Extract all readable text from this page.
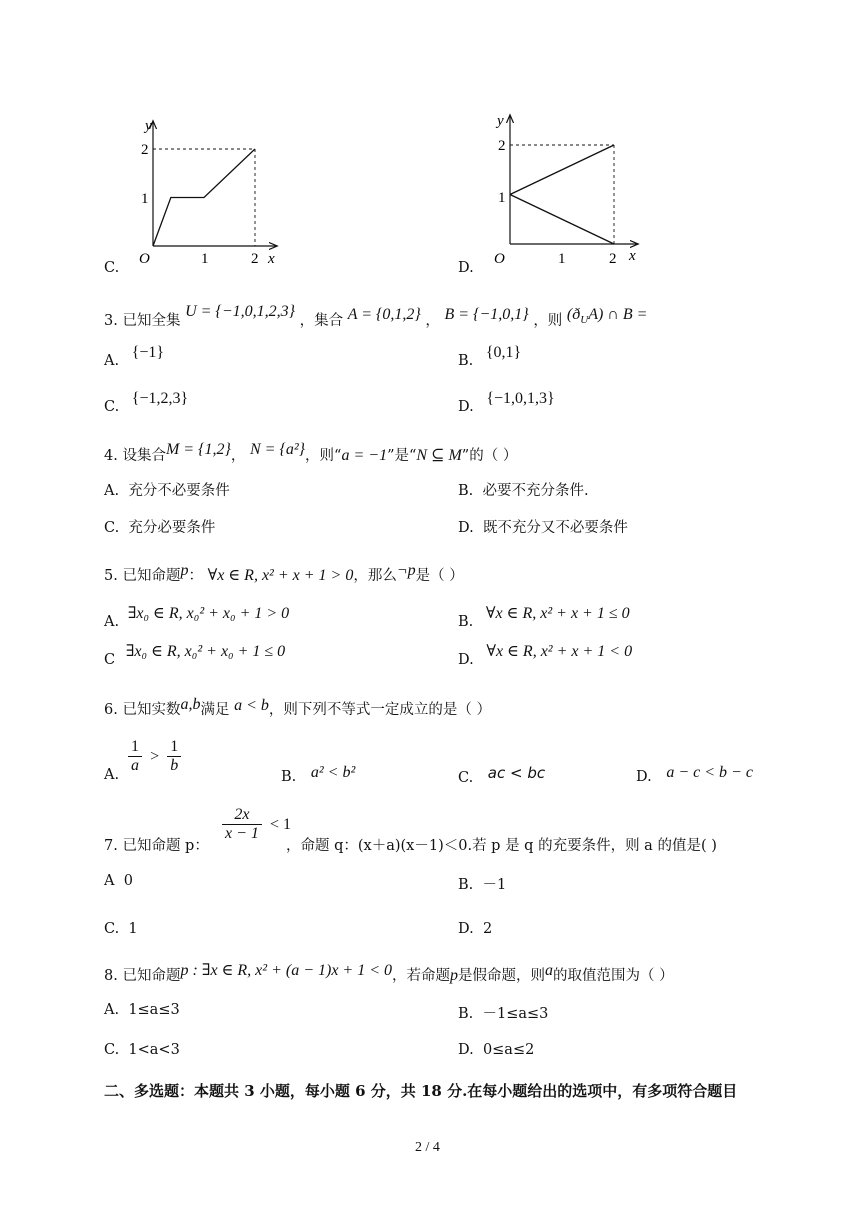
C.
y
x
O	1	2
1
2
D.
y
x
O	1	2
1
2
3. 已知全集 U = {−1,0,1,2,3} ，集合 A = {0,1,2} ， B = {−1,0,1} ，则 $(ð_UA)$ ∩ B =
A. {−1}	B. {0,1}
C. {−1,2,3}	D. {−1,0,1,3}
4. 设集合M = {1,2}， N = {a²}，则“a = −1”是“N ⊆ M”的（ ）
A. 充分不必要条件	B. 必要不充分条件.
C. 充分必要条件	D. 既不充分又不必要条件
5. 已知命题p： ∀x ∈ R, x² + x + 1 > 0，那么¬p是（ ）
A. ∃x₀ ∈ R, x₀² + x₀ + 1 > 0	B. ∀x ∈ R, x² + x + 1 ≤ 0
C ∃x₀ ∈ R, x₀² + x₀ + 1 ≤ 0	D. ∀x ∈ R, x² + x + 1 < 0
6. 已知实数a,b满足 a < b，则下列不等式一定成立的是（ ）
A. $\frac{1}{a} > \frac{1}{b}$
B. a² < b²	C. ac < bc	D. a − c < b − c
7. 已知命题 p：
$\frac{2x}{x - 1} < 1$
，命题 q：(x＋a)(x－1)＜0.若 p 是 q 的充要条件，则 a 的值是( )
A 0	B. －1
C. 1	D. 2
8. 已知命题p : ∃x ∈ R, x² + (a − 1)x + 1 < 0，若命题p是假命题，则a的取值范围为（ ）
A. 1≤a≤3	B. －1≤a≤3
C. 1<a<3	D. 0≤a≤2
二、多选题：本题共 3 小题，每小题 6 分，共 18 分.在每小题给出的选项中，有多项符合题目
2 / 4
